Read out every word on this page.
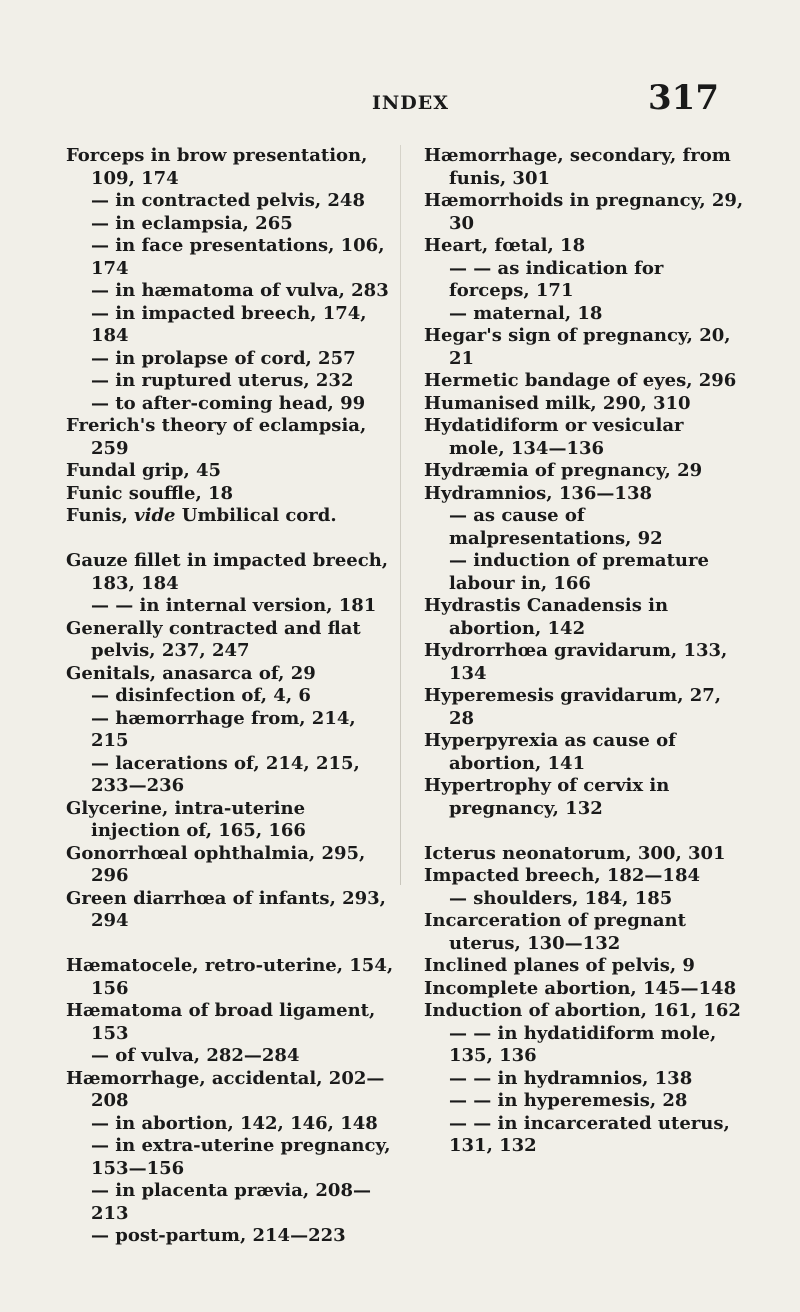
INDEX	317
Forceps in brow presentation, 109, 174
— in contracted pelvis, 248
— in eclampsia, 265
— in face presentations, 106, 174
— in hæmatoma of vulva, 283
— in impacted breech, 174, 184
— in prolapse of cord, 257
— in ruptured uterus, 232
— to after-coming head, 99
Frerich's theory of eclampsia, 259
Fundal grip, 45
Funic souffle, 18
Funis, vide Umbilical cord.
Gauze fillet in impacted breech, 183, 184
— — in internal version, 181
Generally contracted and flat pelvis, 237, 247
Genitals, anasarca of, 29
— disinfection of, 4, 6
— hæmorrhage from, 214, 215
— lacerations of, 214, 215, 233—236
Glycerine, intra-uterine injection of, 165, 166
Gonorrhœal ophthalmia, 295, 296
Green diarrhœa of infants, 293, 294
Hæmatocele, retro-uterine, 154, 156
Hæmatoma of broad ligament, 153
— of vulva, 282—284
Hæmorrhage, accidental, 202—208
— in abortion, 142, 146, 148
— in extra-uterine pregnancy, 153—156
— in placenta prævia, 208—213
— post-partum, 214—223
Hæmorrhage, secondary, from funis, 301
Hæmorrhoids in pregnancy, 29, 30
Heart, fœtal, 18
— — as indication for forceps, 171
— maternal, 18
Hegar's sign of pregnancy, 20, 21
Hermetic bandage of eyes, 296
Humanised milk, 290, 310
Hydatidiform or vesicular mole, 134—136
Hydræmia of pregnancy, 29
Hydramnios, 136—138
— as cause of malpresentations, 92
— induction of premature labour in, 166
Hydrastis Canadensis in abortion, 142
Hydrorrhœa gravidarum, 133, 134
Hyperemesis gravidarum, 27, 28
Hyperpyrexia as cause of abortion, 141
Hypertrophy of cervix in pregnancy, 132
Icterus neonatorum, 300, 301
Impacted breech, 182—184
— shoulders, 184, 185
Incarceration of pregnant uterus, 130—132
Inclined planes of pelvis, 9
Incomplete abortion, 145—148
Induction of abortion, 161, 162
— — in hydatidiform mole, 135, 136
— — in hydramnios, 138
— — in hyperemesis, 28
— — in incarcerated uterus, 131, 132
